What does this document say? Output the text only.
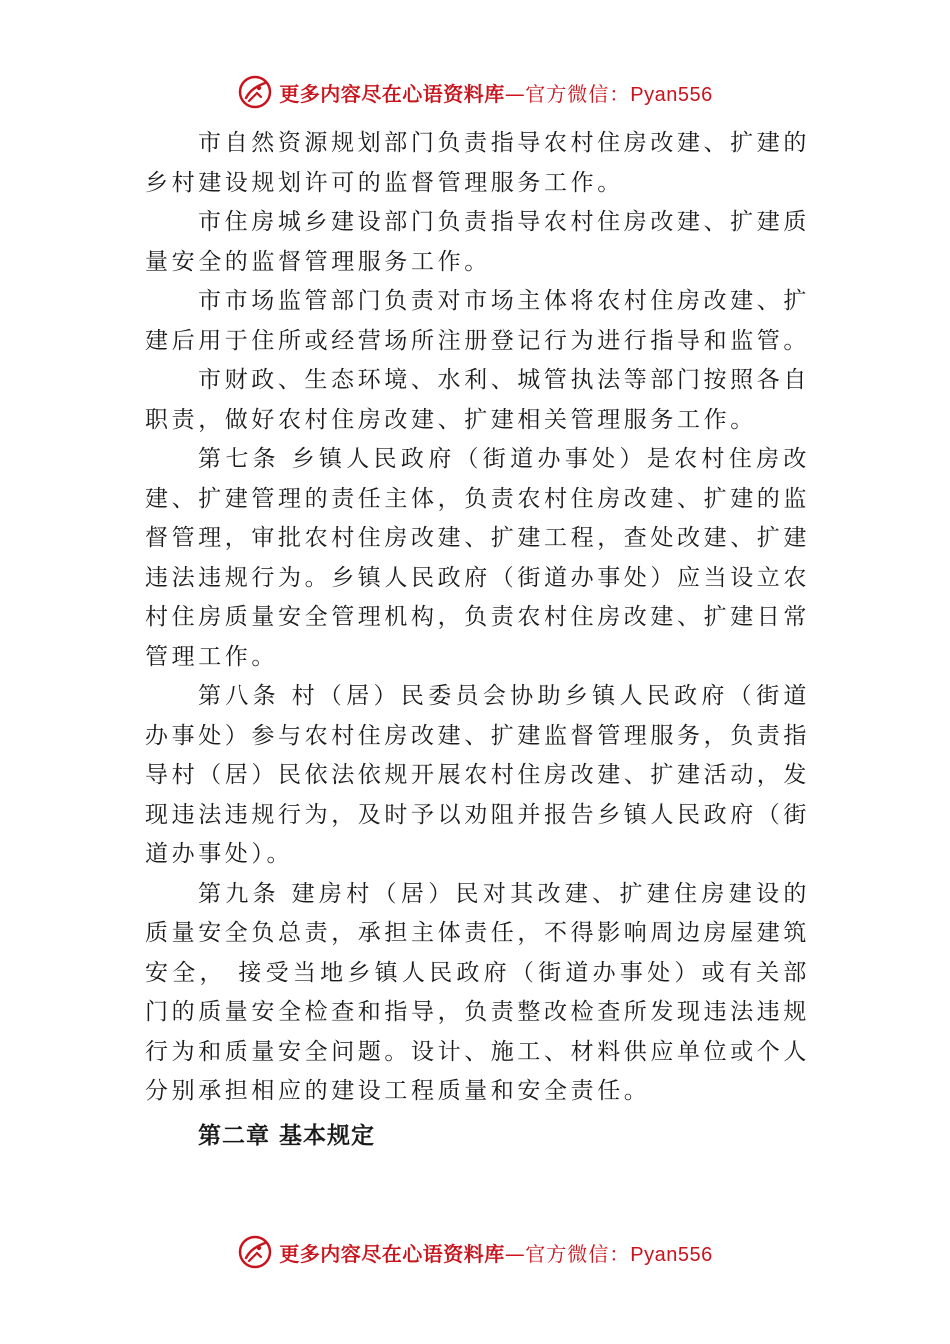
更多内容尽在心语资料库—官方微信：Pyan556

市自然资源规划部门负责指导农村住房改建、扩建的乡村建设规划许可的监督管理服务工作。

市住房城乡建设部门负责指导农村住房改建、扩建质量安全的监督管理服务工作。

市市场监管部门负责对市场主体将农村住房改建、扩建后用于住所或经营场所注册登记行为进行指导和监管。

市财政、生态环境、水利、城管执法等部门按照各自职责，做好农村住房改建、扩建相关管理服务工作。

第七条 乡镇人民政府（街道办事处）是农村住房改建、扩建管理的责任主体，负责农村住房改建、扩建的监督管理，审批农村住房改建、扩建工程，查处改建、扩建违法违规行为。乡镇人民政府（街道办事处）应当设立农村住房质量安全管理机构，负责农村住房改建、扩建日常管理工作。

第八条 村（居）民委员会协助乡镇人民政府（街道办事处）参与农村住房改建、扩建监督管理服务，负责指导村（居）民依法依规开展农村住房改建、扩建活动，发现违法违规行为，及时予以劝阻并报告乡镇人民政府（街道办事处）。

第九条 建房村（居）民对其改建、扩建住房建设的质量安全负总责，承担主体责任，不得影响周边房屋建筑安全， 接受当地乡镇人民政府（街道办事处）或有关部门的质量安全检查和指导，负责整改检查所发现违法违规行为和质量安全问题。设计、施工、材料供应单位或个人分别承担相应的建设工程质量和安全责任。

第二章 基本规定

更多内容尽在心语资料库—官方微信：Pyan556
